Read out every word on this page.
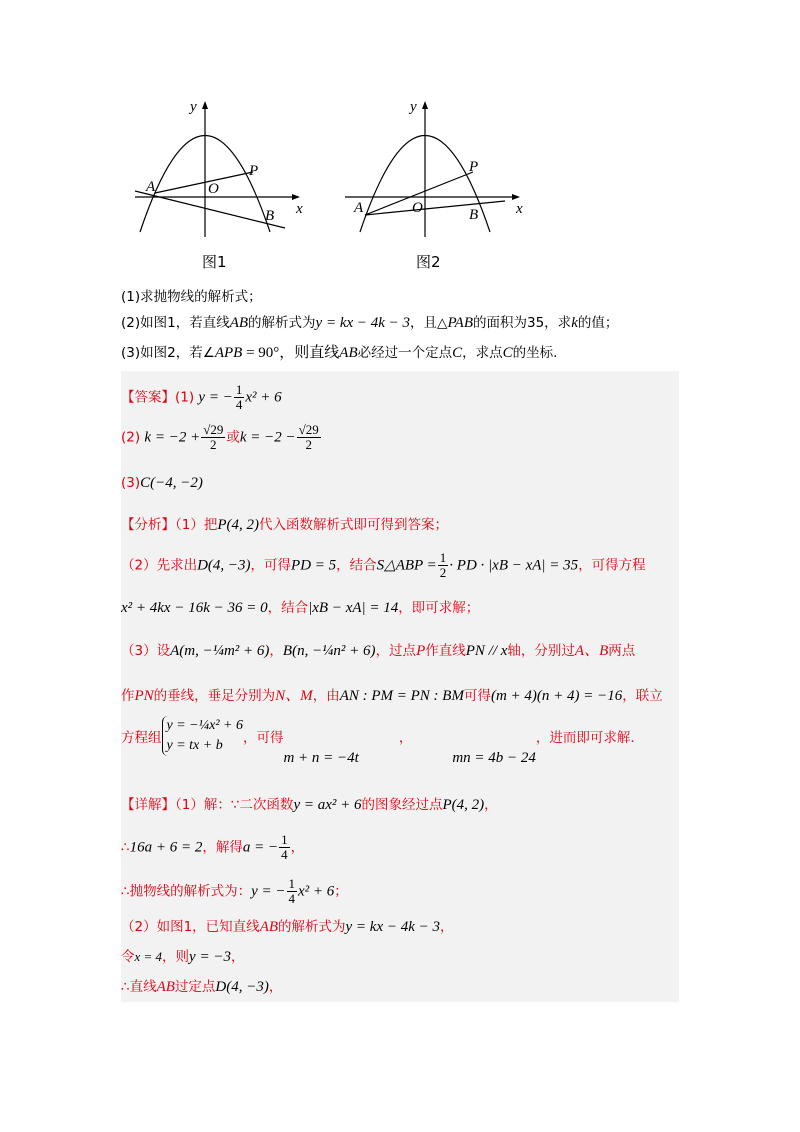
y
x
O
A
P
B
图1
y
x
O
A
P
B
图2
(1)求抛物线的解析式；
(2)如图1，若直线AB的解析式为y = kx − 4k − 3，且△PAB的面积为35，求k的值；
(3)如图2，若∠APB = 90°，则直线AB必经过一个定点C，求点C的坐标.
【答案】(1) y = − $\frac{1}{4} x^2 + 6$
(2) $k = -2 + \frac{√29}{2}$ 或$k = -2 - \frac{√29}{2}$
(3)C(−4, −2)
【分析】（1）把P(4, 2)代入函数解析式即可得到答案；
（2）先求出D(4, −3)，可得PD = 5，结合S△ABP = $\frac{1}{2}$ · PD · |xB − xA| = 35，可得方程
x² + 4kx − 16k − 36 = 0，结合|xB − xA| = 14，即可求解；
（3）设A(m, −¼m² + 6)，B(n, −¼n² + 6)，过点P作直线PN // x轴，分别过A、B两点
作PN的垂线，垂足分别为N、M，由AN : PM = PN : BM可得(m + 4)(n + 4) = −16，联立
方程组y = −¼x² + 6
y = tx + b ，可得m + n = −4t，mn = 4b − 24，进而即可求解.
【详解】（1）解：∵二次函数y = ax² + 6的图象经过点P(4, 2)，
∴16a + 6 = 2，解得a = − $\frac{1}{4}$ ，
∴抛物线的解析式为：y = − $\frac{1}{4} x^2 + 6$；
（2）如图1，已知直线AB的解析式为y = kx − 4k − 3，
令x = 4，则y = −3，
∴直线AB过定点D(4, −3)，
